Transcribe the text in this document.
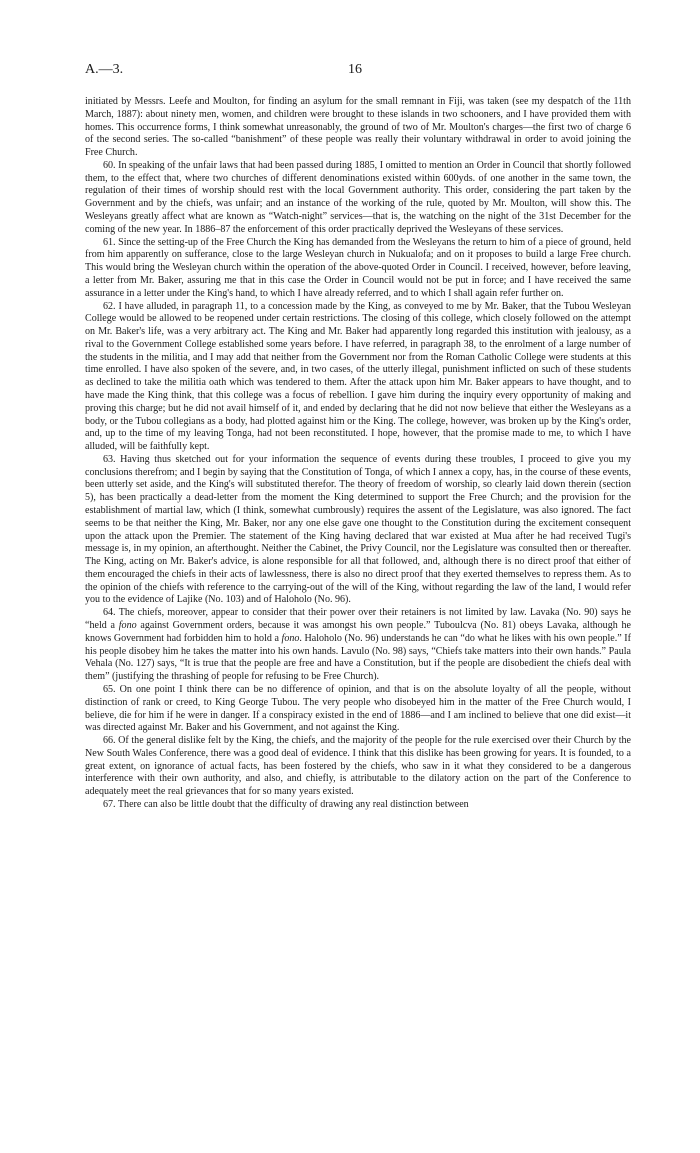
A.—3.	16

initiated by Messrs. Leefe and Moulton, for finding an asylum for the small remnant in Fiji, was taken (see my despatch of the 11th March, 1887): about ninety men, women, and children were brought to these islands in two schooners, and I have provided them with homes. This occurrence forms, I think somewhat unreasonably, the ground of two of Mr. Moulton's charges—the first two of charge 6 of the second series. The so-called “banishment” of these people was really their voluntary withdrawal in order to avoid joining the Free Church.

60. In speaking of the unfair laws that had been passed during 1885, I omitted to mention an Order in Council that shortly followed them, to the effect that, where two churches of different denominations existed within 600yds. of one another in the same town, the regulation of their times of worship should rest with the local Government authority. This order, considering the part taken by the Government and by the chiefs, was unfair; and an instance of the working of the rule, quoted by Mr. Moulton, will show this. The Wesleyans greatly affect what are known as “Watch-night” services—that is, the watching on the night of the 31st December for the coming of the new year. In 1886–87 the enforcement of this order practically deprived the Wesleyans of these services.

61. Since the setting-up of the Free Church the King has demanded from the Wesleyans the return to him of a piece of ground, held from him apparently on sufferance, close to the large Wesleyan church in Nukualofa; and on it proposes to build a large Free church. This would bring the Wesleyan church within the operation of the above-quoted Order in Council. I received, however, before leaving, a letter from Mr. Baker, assuring me that in this case the Order in Council would not be put in force; and I have received the same assurance in a letter under the King's hand, to which I have already referred, and to which I shall again refer further on.

62. I have alluded, in paragraph 11, to a concession made by the King, as conveyed to me by Mr. Baker, that the Tubou Wesleyan College would be allowed to be reopened under certain restrictions. The closing of this college, which closely followed on the attempt on Mr. Baker's life, was a very arbitrary act. The King and Mr. Baker had apparently long regarded this institution with jealousy, as a rival to the Government College established some years before. I have referred, in paragraph 38, to the enrolment of a large number of the students in the militia, and I may add that neither from the Government nor from the Roman Catholic College were students at this time enrolled. I have also spoken of the severe, and, in two cases, of the utterly illegal, punishment inflicted on such of these students as declined to take the militia oath which was tendered to them. After the attack upon him Mr. Baker appears to have thought, and to have made the King think, that this college was a focus of rebellion. I gave him during the inquiry every opportunity of making and proving this charge; but he did not avail himself of it, and ended by declaring that he did not now believe that either the Wesleyans as a body, or the Tubou collegians as a body, had plotted against him or the King. The college, however, was broken up by the King's order, and, up to the time of my leaving Tonga, had not been reconstituted. I hope, however, that the promise made to me, to which I have alluded, will be faithfully kept.

63. Having thus sketched out for your information the sequence of events during these troubles, I proceed to give you my conclusions therefrom; and I begin by saying that the Constitution of Tonga, of which I annex a copy, has, in the course of these events, been utterly set aside, and the King's will substituted therefor. The theory of freedom of worship, so clearly laid down therein (section 5), has been practically a dead-letter from the moment the King determined to support the Free Church; and the provision for the establishment of martial law, which (I think, somewhat cumbrously) requires the assent of the Legislature, was also ignored. The fact seems to be that neither the King, Mr. Baker, nor any one else gave one thought to the Constitution during the excitement consequent upon the attack upon the Premier. The statement of the King having declared that war existed at Mua after he had received Tugi's message is, in my opinion, an afterthought. Neither the Cabinet, the Privy Council, nor the Legislature was consulted then or thereafter. The King, acting on Mr. Baker's advice, is alone responsible for all that followed, and, although there is no direct proof that either of them encouraged the chiefs in their acts of lawlessness, there is also no direct proof that they exerted themselves to repress them. As to the opinion of the chiefs with reference to the carrying-out of the will of the King, without regarding the law of the land, I would refer you to the evidence of Lajike (No. 103) and of Haloholo (No. 96).

64. The chiefs, moreover, appear to consider that their power over their retainers is not limited by law. Lavaka (No. 90) says he “held a fono against Government orders, because it was amongst his own people.” Tuboulcva (No. 81) obeys Lavaka, although he knows Government had forbidden him to hold a fono. Haloholo (No. 96) understands he can “do what he likes with his own people.” If his people disobey him he takes the matter into his own hands. Lavulo (No. 98) says, “Chiefs take matters into their own hands.” Paula Vehala (No. 127) says, “It is true that the people are free and have a Constitution, but if the people are disobedient the chiefs deal with them” (justifying the thrashing of people for refusing to be Free Church).

65. On one point I think there can be no difference of opinion, and that is on the absolute loyalty of all the people, without distinction of rank or creed, to King George Tubou. The very people who disobeyed him in the matter of the Free Church would, I believe, die for him if he were in danger. If a conspiracy existed in the end of 1886—and I am inclined to believe that one did exist—it was directed against Mr. Baker and his Government, and not against the King.

66. Of the general dislike felt by the King, the chiefs, and the majority of the people for the rule exercised over their Church by the New South Wales Conference, there was a good deal of evidence. I think that this dislike has been growing for years. It is founded, to a great extent, on ignorance of actual facts, has been fostered by the chiefs, who saw in it what they considered to be a dangerous interference with their own authority, and also, and chiefly, is attributable to the dilatory action on the part of the Conference to adequately meet the real grievances that for so many years existed.

67. There can also be little doubt that the difficulty of drawing any real distinction between
